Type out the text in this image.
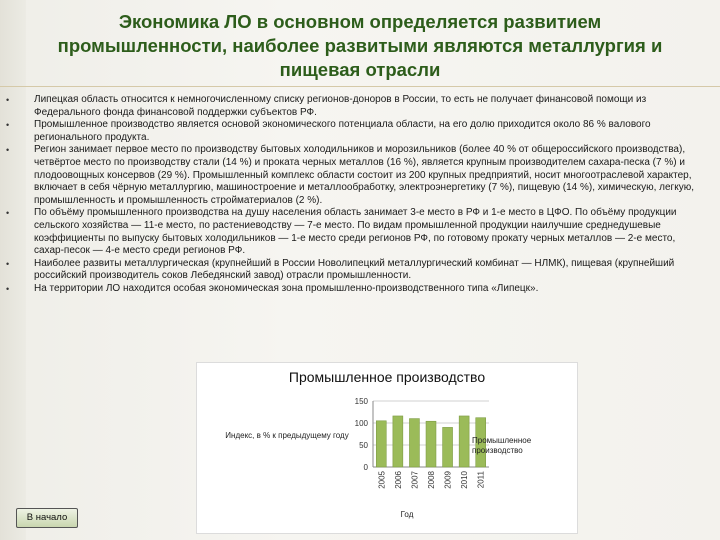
Экономика ЛО в основном определяется развитием
промышленности, наиболее развитыми являются металлургия и
пищевая отрасли
• Липецкая область относится к немногочисленному списку регионов-доноров в России, то есть не получает финансовой помощи из Федерального фонда финансовой поддержки субъектов РФ.
• Промышленное производство является основой экономического потенциала области, на его долю приходится около 86 % валового регионального продукта.
• Регион занимает первое место по производству бытовых холодильников и морозильников (более 40 % от общероссийского производства), четвёртое место по производству стали (14 %) и проката черных металлов (16 %), является крупным производителем сахара-песка (7 %) и плодоовощных консервов (29 %). Промышленный комплекс области состоит из 200 крупных предприятий, носит многоотраслевой характер, включает в себя чёрную металлургию, машиностроение и металлообработку, электроэнергетику (7 %), пищевую (14 %), химическую, легкую, промышленность и промышленность стройматериалов (2 %).
• По объёму промышленного производства на душу населения область занимает 3-е место в РФ и 1-е место в ЦФО. По объёму продукции сельского хозяйства — 11-е место, по растениеводству — 7-е место. По видам промышленной продукции наилучшие среднедушевые коэффициенты по выпуску бытовых холодильников — 1-е место среди регионов РФ, по готовому прокату черных металлов — 2-е место, сахар-песок — 4-е место среди регионов РФ.
• Наиболее развиты металлургическая (крупнейший в России Новолипецкий металлургический комбинат — НЛМК), пищевая (крупнейший российский производитель соков Лебедянский завод) отрасли промышленности.
• На территории ЛО находится особая экономическая зона промышленно-производственного типа «Липецк».
Промышленное производство
0
50
100
150
2005 2006 2007 2008 2009 2010 2011
Индекс, в % к предыдущему году
Год
Промышленное производство
В начало
